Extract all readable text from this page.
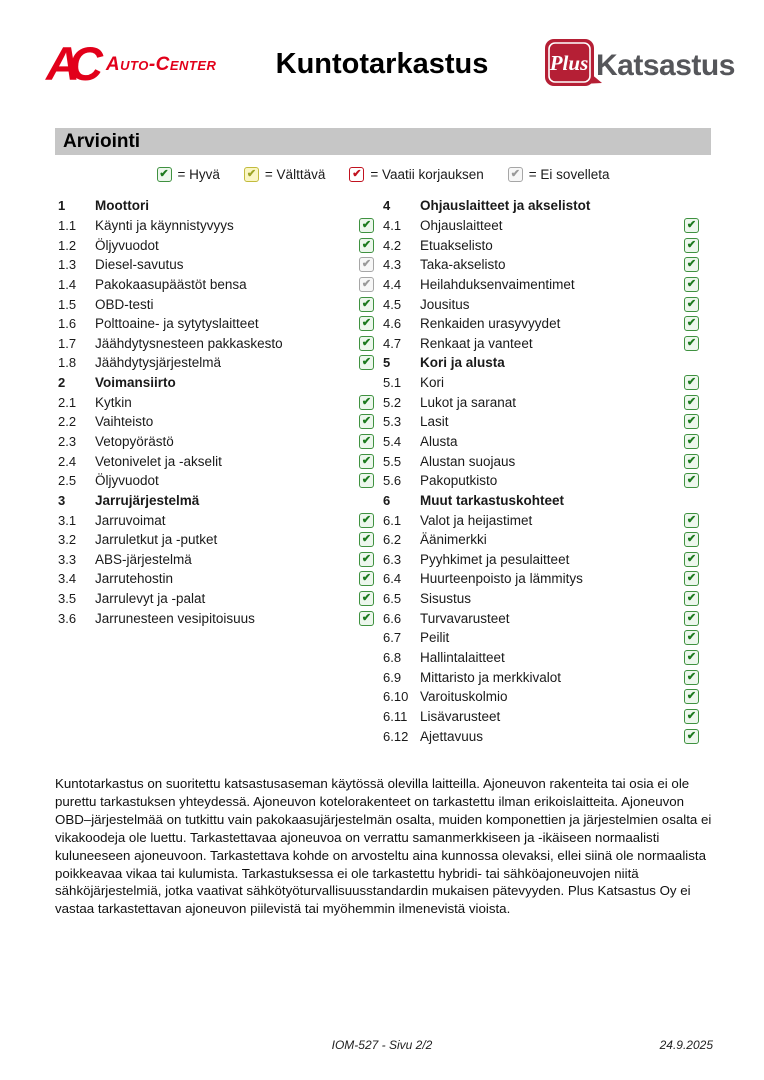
AC Auto-Center	Kuntotarkastus	Plus Katsastus
Arviointi
✔ = Hyvä ✔ = Välttävä ✔ = Vaatii korjauksen ✔ = Ei sovelleta
1	Moottori
1.1	Käynti ja käynnistyvyys	✔
1.2	Öljyvuodot	✔
1.3	Diesel-savutus	✔
1.4	Pakokaasupäästöt bensa	✔
1.5	OBD-testi	✔
1.6	Polttoaine- ja sytytyslaitteet	✔
1.7	Jäähdytysnesteen pakkaskesto	✔
1.8	Jäähdytysjärjestelmä	✔
2	Voimansiirto
2.1	Kytkin	✔
2.2	Vaihteisto	✔
2.3	Vetopyörästö	✔
2.4	Vetonivelet ja -akselit	✔
2.5	Öljyvuodot	✔
3	Jarrujärjestelmä
3.1	Jarruvoimat	✔
3.2	Jarruletkut ja -putket	✔
3.3	ABS-järjestelmä	✔
3.4	Jarrutehostin	✔
3.5	Jarrulevyt ja -palat	✔
3.6	Jarrunesteen vesipitoisuus	✔
4	Ohjauslaitteet ja akselistot
4.1	Ohjauslaitteet	✔
4.2	Etuakselisto	✔
4.3	Taka-akselisto	✔
4.4	Heilahduksenvaimentimet	✔
4.5	Jousitus	✔
4.6	Renkaiden urasyvyydet	✔
4.7	Renkaat ja vanteet	✔
5	Kori ja alusta
5.1	Kori	✔
5.2	Lukot ja saranat	✔
5.3	Lasit	✔
5.4	Alusta	✔
5.5	Alustan suojaus	✔
5.6	Pakoputkisto	✔
6	Muut tarkastuskohteet
6.1	Valot ja heijastimet	✔
6.2	Äänimerkki	✔
6.3	Pyyhkimet ja pesulaitteet	✔
6.4	Huurteenpoisto ja lämmitys	✔
6.5	Sisustus	✔
6.6	Turvavarusteet	✔
6.7	Peilit	✔
6.8	Hallintalaitteet	✔
6.9	Mittaristo ja merkkivalot	✔
6.10 Varoituskolmio	✔
6.11 Lisävarusteet	✔
6.12 Ajettavuus	✔

Kuntotarkastus on suoritettu katsastusaseman käytössä olevilla laitteilla. Ajoneuvon rakenteita tai osia ei ole purettu tarkastuksen yhteydessä. Ajoneuvon kotelorakenteet on tarkastettu ilman erikoislaitteita. Ajoneuvon OBD–järjestelmää on tutkittu vain pakokaasujärjestelmän osalta, muiden komponettien ja järjestelmien osalta ei vikakoodeja ole luettu. Tarkastettavaa ajoneuvoa on verrattu samanmerkkiseen ja -ikäiseen normaalisti kuluneeseen ajoneuvoon. Tarkastettava kohde on arvosteltu aina kunnossa olevaksi, ellei siinä ole normaalista poikkeavaa vikaa tai kulumista. Tarkastuksessa ei ole tarkastettu hybridi- tai sähköajoneuvojen niitä sähköjärjestelmiä, jotka vaativat sähkötyöturvallisuusstandardin mukaisen pätevyyden. Plus Katsastus Oy ei vastaa tarkastettavan ajoneuvon piilevistä tai myöhemmin ilmenevistä vioista.

IOM-527 - Sivu 2/2	24.9.2025
